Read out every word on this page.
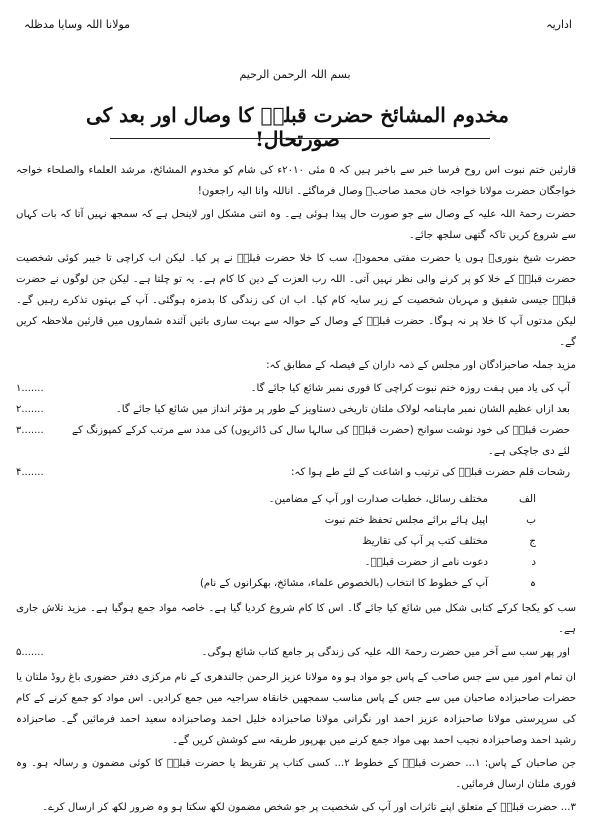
اداریہ
مولانا اللہ وسایا مدظلہ
بسم اللہ الرحمن الرحیم
مخدوم المشائخ حضرت قبلہؒ کا وصال اور بعد کی صورتحال!

قارئین ختم نبوت اس روح فرسا خبر سے باخبر ہیں کہ ۵ مئی ۲۰۱۰ء کی شام کو مخدوم المشائخ، مرشد العلماء والصلحاء خواجہ خواجگان حضرت مولانا خواجہ خان محمد صاحبؒ وصال فرماگئے۔ اناللہ وانا الیہ راجعون!

حضرت رحمۃ اللہ علیہ کے وصال سے جو صورت حال پیدا ہوئی ہے۔ وہ اتنی مشکل اور لاینحل ہے کہ سمجھ نہیں آتا کہ بات کہاں سے شروع کریں تاکہ گتھی سلجھ جائے۔

حضرت شیخ بنوریؒ ہوں یا حضرت مفتی محمودؒ، سب کا خلا حضرت قبلہؒ نے پر کیا۔ لیکن اب کراچی تا خیبر کوئی شخصیت حضرت قبلہؒ کے خلا کو پر کرنے والی نظر نہیں آتی۔ اللہ رب العزت کے دین کا کام ہے۔ یہ تو چلتا ہے۔ لیکن جن لوگوں نے حضرت قبلہؒ جیسی شفیق و مہربان شخصیت کے زیر سایہ کام کیا۔ اب ان کی زندگی کا بدمزہ ہوگئی۔ آپ کے بہتوں تذکرے رہیں گے۔ لیکن مدتوں آپ کا خلا پر نہ ہوگا۔ حضرت قبلہؒ کے وصال کے حوالہ سے بہت ساری باتیں آئندہ شماروں میں قارئین ملاحظہ کریں گے۔

مزید جملہ صاحبزادگان اور مجلس کے ذمہ داران کے فیصلہ کے مطابق کہ:

آپ کی یاد میں ہفت روزہ ختم نبوت کراچی کا فوری نمبر شائع کیا جائے گا۔
۱.......
بعد ازاں عظیم الشان نمبر ماہنامہ لولاک ملتان تاریخی دستاویز کے طور پر مؤثر انداز میں شائع کیا جائے گا۔
۲.......
حضرت قبلہؒ کی خود نوشت سوانح (حضرت قبلہؒ کی سالہا سال کی ڈائریوں) کی مدد سے مرتب کرکے کمپوزنگ کے لئے دی جاچکی ہے۔
۳.......
رشحات قلم حضرت قبلہؒ کی ترتیب و اشاعت کے لئے طے ہوا کہ:
۴.......
الف
مختلف رسائل، خطبات صدارت اور آپ کے مضامین۔
ب
اپیل ہائے برائے مجلس تحفظ ختم نبوت
ج
مختلف کتب پر آپ کی تقاریظ
د
دعوت نامے از حضرت قبلہؒ۔
ہ
آپ کے خطوط کا انتخاب (بالخصوص علماء، مشائخ، بھکرانوں کے نام)

سب کو یکجا کرکے کتابی شکل میں شائع کیا جائے گا۔ اس کا کام شروع کردیا گیا ہے۔ خاصہ مواد جمع ہوگیا ہے۔ مزید تلاش جاری ہے۔

اور پھر سب سے آخر میں حضرت رحمۃ اللہ علیہ کی زندگی پر جامع کتاب شائع ہوگی۔
۵.......

ان تمام امور میں سے جس صاحب کے پاس جو مواد ہو وہ مولانا عزیز الرحمن جالندھری کے نام مرکزی دفتر حضوری باغ روڈ ملتان یا حضرات صاحبزادہ صاحبان میں سے جس کے پاس مناسب سمجھیں خانقاہ سراجیہ میں جمع کرادیں۔ اس مواد کو جمع کرنے کے کام کی سرپرستی مولانا صاحبزادہ عزیز احمد اور نگرانی مولانا صاحبزادہ خلیل احمد وصاحبزادہ سعید احمد فرمائیں گے۔ صاحبزادہ رشید احمد وصاحبزادہ نجیب احمد بھی مواد جمع کرنے میں بھرپور طریقہ سے کوشش کریں گے۔

جن صاحبان کے پاس: ۱... حضرت قبلہؒ کے خطوط ۲... کسی کتاب پر تقریظ یا حضرت قبلہؒ کا کوئی مضمون و رسالہ ہو۔ وہ فوری ملتان ارسال فرمائیں۔

۳... حضرت قبلہؒ کے متعلق اپنے تاثرات اور آپ کی شخصیت پر جو شخص مضمون لکھ سکتا ہو وہ ضرور لکھ کر ارسال کرے۔
